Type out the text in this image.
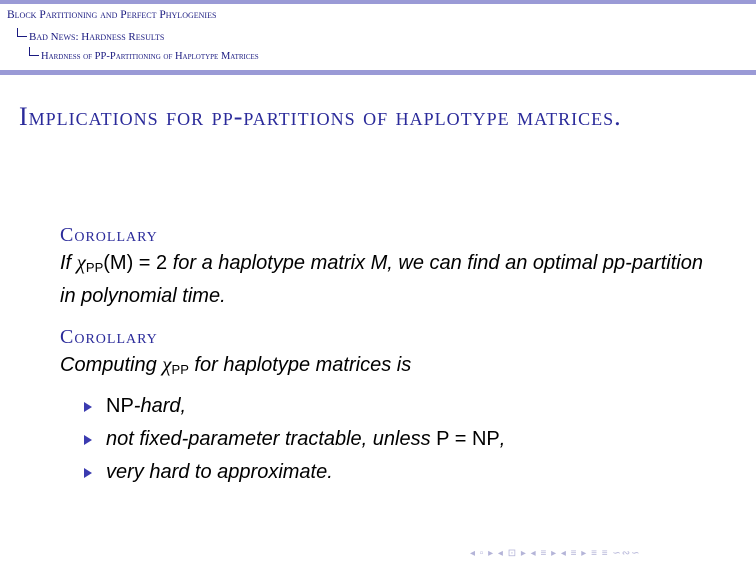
Block Partitioning and Perfect Phylogenies
Bad News: Hardness Results
Hardness of PP-Partitioning of Haplotype Matrices
Implications for pp-partitions of haplotype matrices.
Corollary
If $\chi_{PP}(M) = 2$ for a haplotype matrix M, we can find an optimal pp-partition in polynomial time.
Corollary
Computing $\chi_{PP}$ for haplotype matrices is
NP-hard,
not fixed-parameter tractable, unless P = NP,
very hard to approximate.
◂ ▫ ▸ ◂ ⊡ ▸ ◂ ≡ ▸ ◂ ≡ ▸ ≡ ≡ ∽∾∽
